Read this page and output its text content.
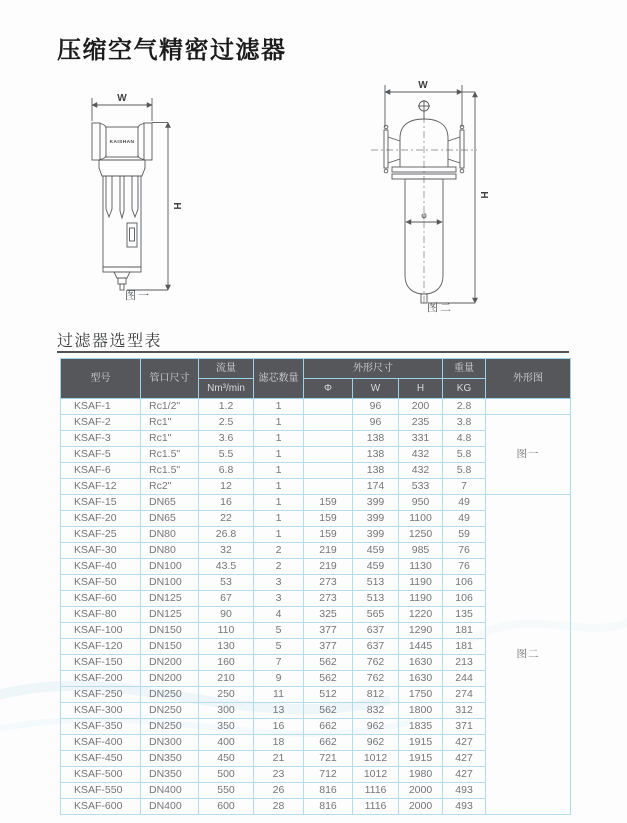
压缩空气精密过滤器
W
H
KAISHAN
图一
W
φ
H
图二
过滤器选型表
型号	管口尺寸	流量	滤芯数量	外形尺寸			重量	外形图
		Nm³/min		Φ	W	H	KG	
KSAF-1	Rc1/2"	1.2	1		96	200	2.8	
KSAF-2	Rc1"	2.5	1		96	235	3.8	图一
KSAF-3	Rc1"	3.6	1		138	331	4.8	
KSAF-5	Rc1.5"	5.5	1		138	432	5.8	
KSAF-6	Rc1.5"	6.8	1		138	432	5.8	
KSAF-12	Rc2"	12	1		174	533	7	
KSAF-15	DN65	16	1	159	399	950	49	图二
KSAF-20	DN65	22	1	159	399	1100	49	
KSAF-25	DN80	26.8	1	159	399	1250	59	
KSAF-30	DN80	32	2	219	459	985	76	
KSAF-40	DN100	43.5	2	219	459	1130	76	
KSAF-50	DN100	53	3	273	513	1190	106	
KSAF-60	DN125	67	3	273	513	1190	106	
KSAF-80	DN125	90	4	325	565	1220	135	
KSAF-100	DN150	110	5	377	637	1290	181	
KSAF-120	DN150	130	5	377	637	1445	181	
KSAF-150	DN200	160	7	562	762	1630	213	
KSAF-200	DN200	210	9	562	762	1630	244	
KSAF-250	DN250	250	11	512	812	1750	274	
KSAF-300	DN250	300	13	562	832	1800	312	
KSAF-350	DN250	350	16	662	962	1835	371	
KSAF-400	DN300	400	18	662	962	1915	427	
KSAF-450	DN350	450	21	721	1012	1915	427	
KSAF-500	DN350	500	23	712	1012	1980	427	
KSAF-550	DN400	550	26	816	1116	2000	493	
KSAF-600	DN400	600	28	816	1116	2000	493	
